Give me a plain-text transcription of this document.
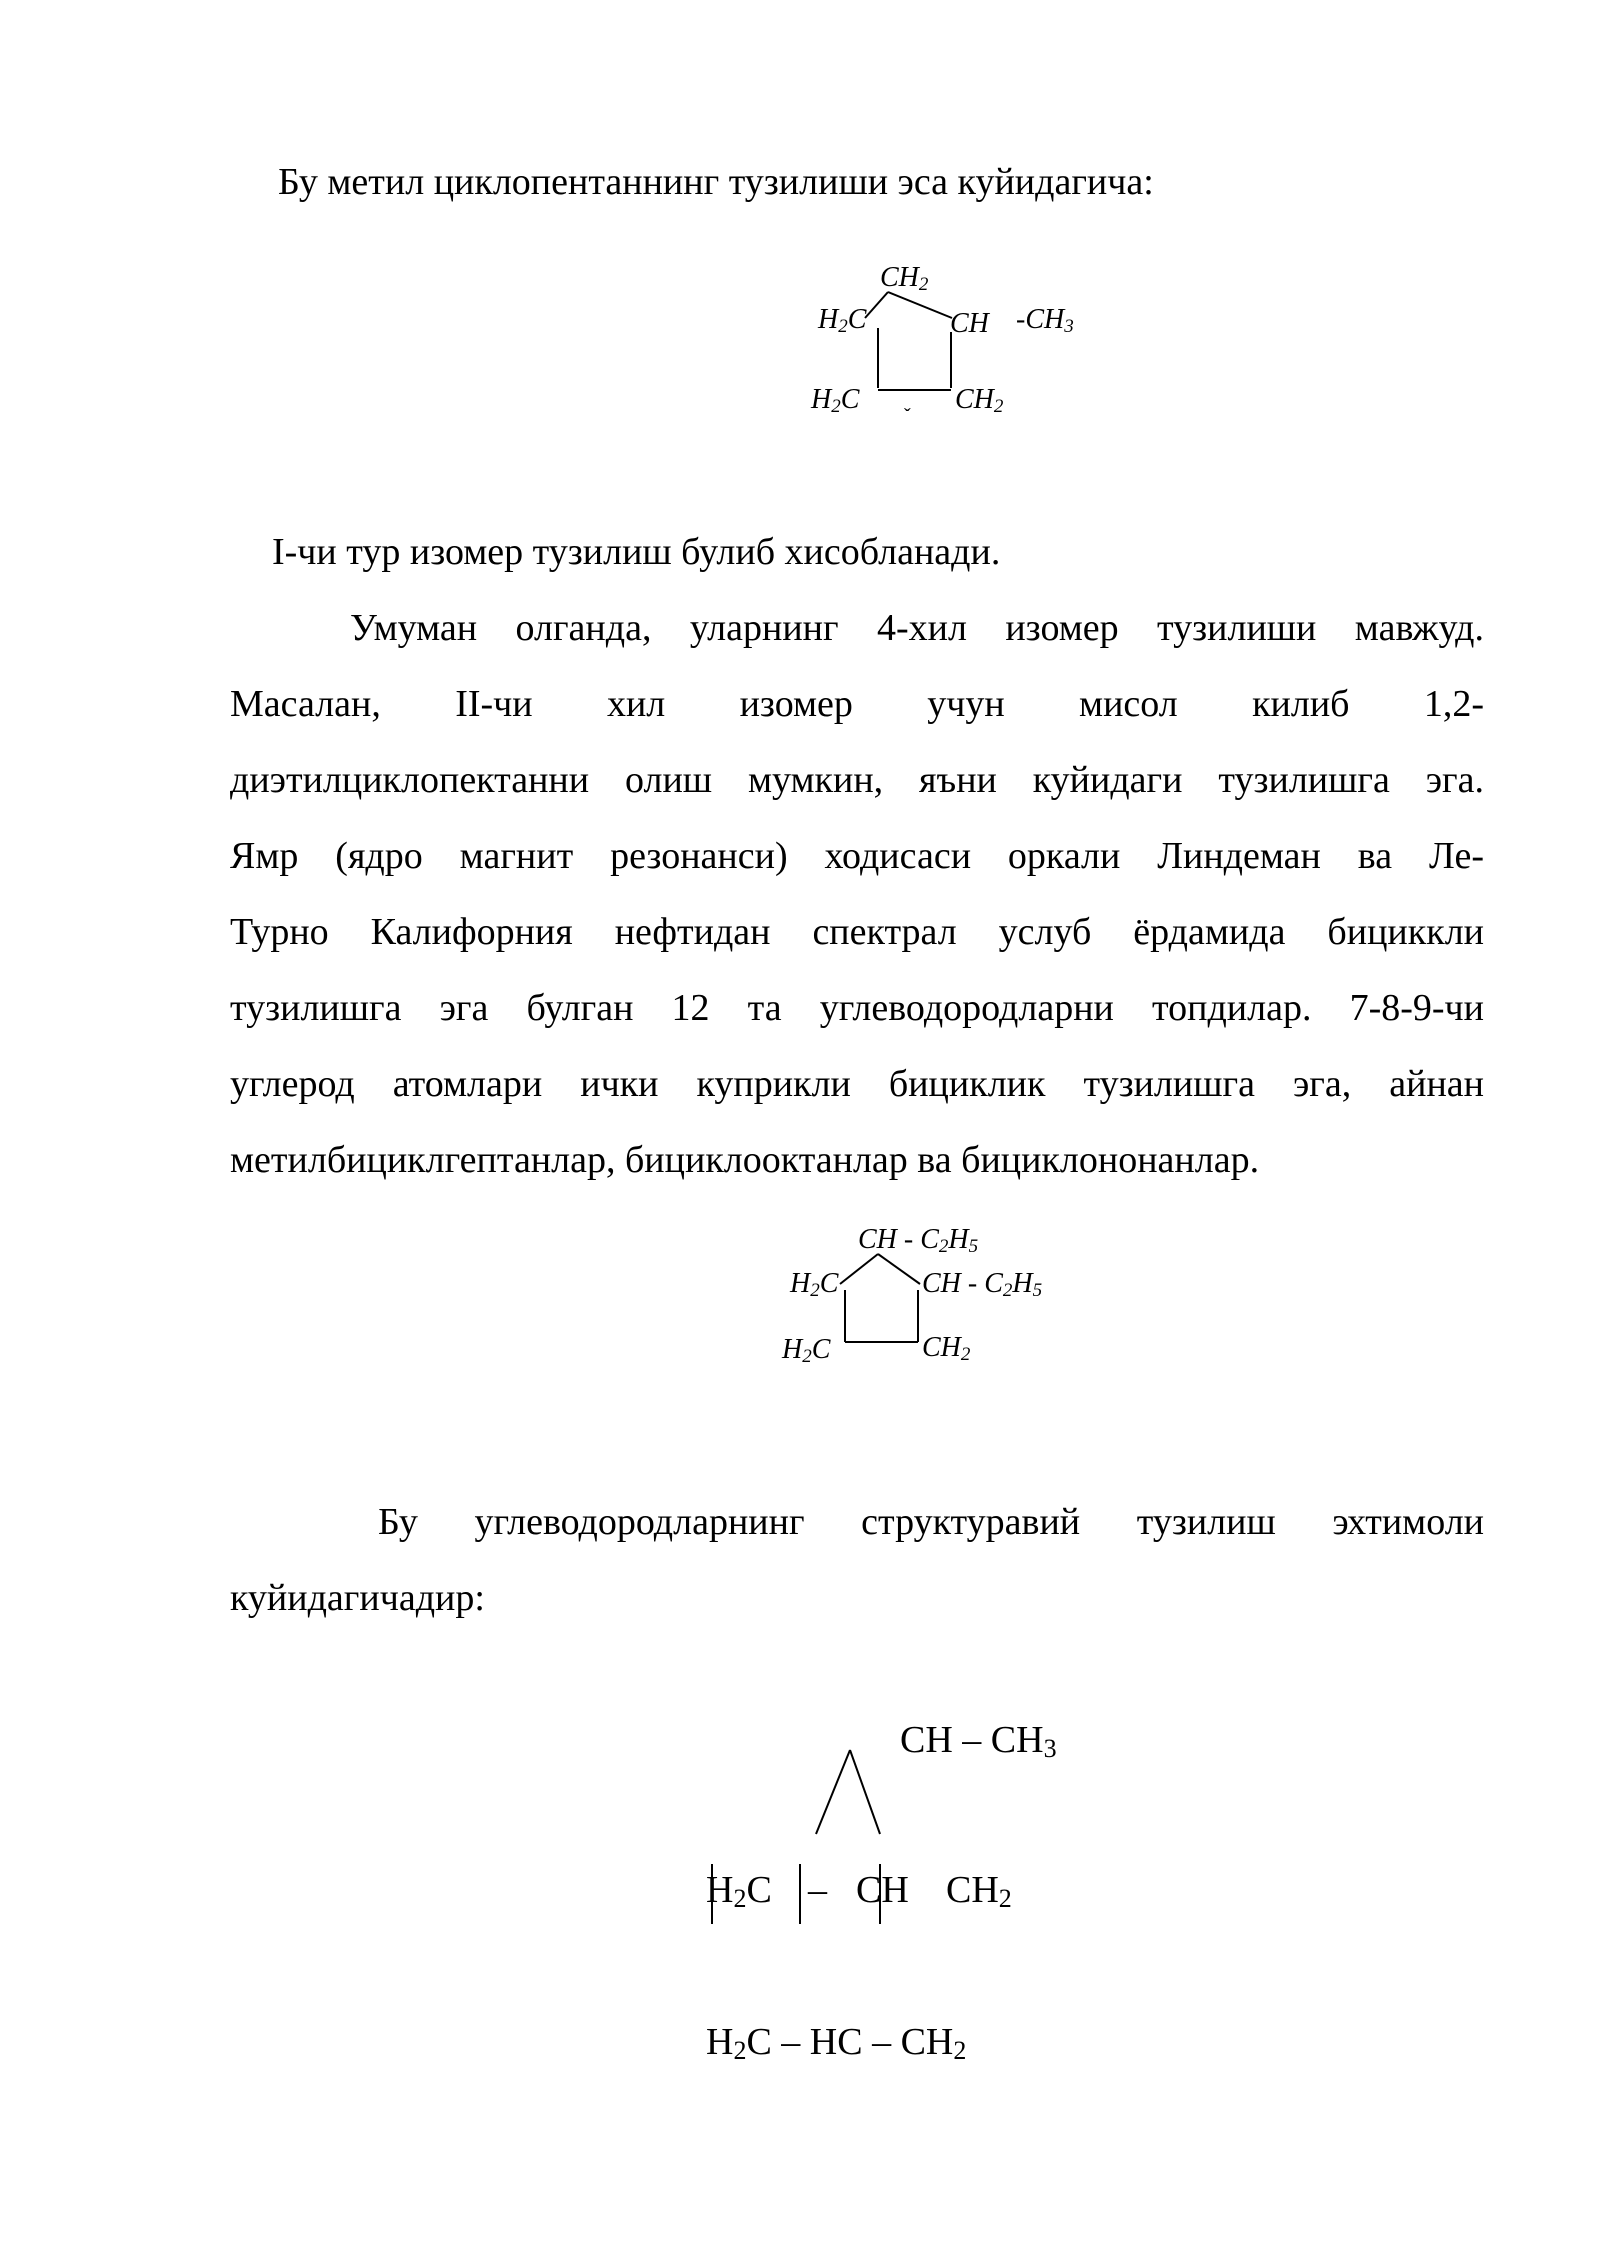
Бу метил циклопентаннинг тузилиши эса куйидагича:
$CH_2$
$H_2C$	CH $-CH_3$
$H_2C$	$CH_2$
ˇ
I-чи тур изомер тузилиш булиб хисобланади.
Умуман олганда, уларнинг 4-хил изомер тузилиши мавжуд.
Масалан, II-чи хил изомер учун мисол килиб 1,2-
диэтилциклопектанни олиш мумкин, яъни куйидаги тузилишга эга.
Ямр (ядро магнит резонанси) ходисаси оркали Линдеман ва Ле-
Турно Калифорния нефтидан спектрал услуб ёрдамида бициккли
тузилишга эга булган 12 та углеводородларни топдилар. 7-8-9-чи
углерод атомлари ички куприкли бициклик тузилишга эга, айнан
метилбициклгептанлар, бициклооктанлар ва бициклононанлар.
CH - $C_2H_5$
$H_2C$	CH - $C_2H_5$
$H_2C$	$CH_2$
Бу углеводородларнинг структуравий тузилиш эхтимоли
куйидагичадир:
CH – $CH_3$
$H_2C$ – CH $CH_2$
$H_2C$ – HC – $CH_2$
